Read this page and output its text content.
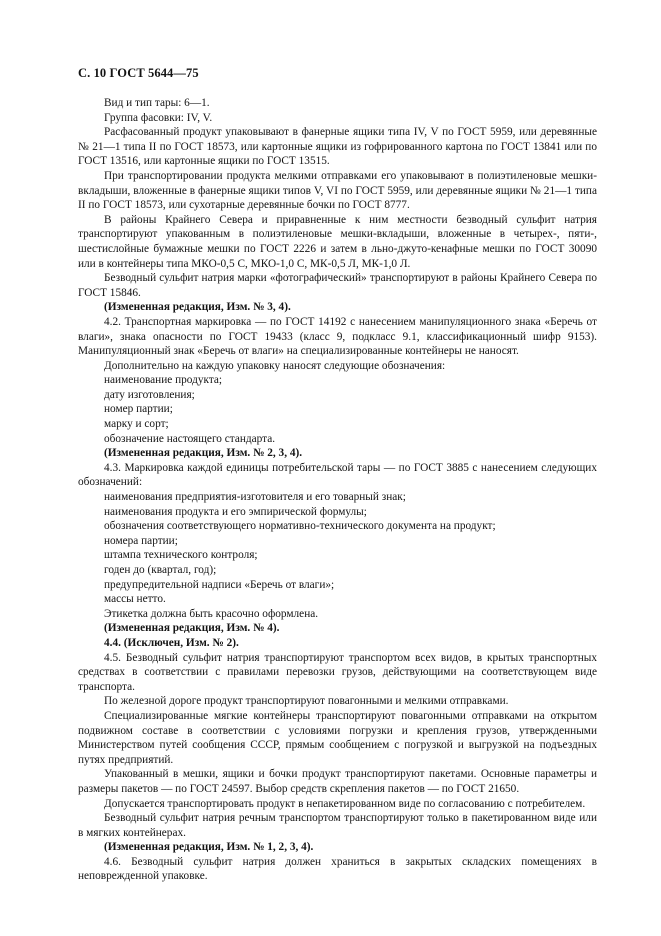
С. 10 ГОСТ 5644—75

Вид и тип тары: 6—1.

Группа фасовки: IV, V.

Расфасованный продукт упаковывают в фанерные ящики типа IV, V по ГОСТ 5959, или деревянные № 21—1 типа II по ГОСТ 18573, или картонные ящики из гофрированного картона по ГОСТ 13841 или по ГОСТ 13516, или картонные ящики по ГОСТ 13515.

При транспортировании продукта мелкими отправками его упаковывают в полиэтиленовые мешки-вкладыши, вложенные в фанерные ящики типов V, VI по ГОСТ 5959, или деревянные ящики № 21—1 типа II по ГОСТ 18573, или сухотарные деревянные бочки по ГОСТ 8777.

В районы Крайнего Севера и приравненные к ним местности безводный сульфит натрия транспортируют упакованным в полиэтиленовые мешки-вкладыши, вложенные в четырех-, пяти-, шестислойные бумажные мешки по ГОСТ 2226 и затем в льно-джуто-кенафные мешки по ГОСТ 30090 или в контейнеры типа МКО-0,5 С, МКО-1,0 С, МК-0,5 Л, МК-1,0 Л.

Безводный сульфит натрия марки «фотографический» транспортируют в районы Крайнего Севера по ГОСТ 15846.

(Измененная редакция, Изм. № 3, 4).

4.2. Транспортная маркировка — по ГОСТ 14192 с нанесением манипуляционного знака «Беречь от влаги», знака опасности по ГОСТ 19433 (класс 9, подкласс 9.1, классификационный шифр 9153). Манипуляционный знак «Беречь от влаги» на специализированные контейнеры не наносят.

Дополнительно на каждую упаковку наносят следующие обозначения:

наименование продукта;

дату изготовления;

номер партии;

марку и сорт;

обозначение настоящего стандарта.

(Измененная редакция, Изм. № 2, 3, 4).

4.3. Маркировка каждой единицы потребительской тары — по ГОСТ 3885 с нанесением следующих обозначений:

наименования предприятия-изготовителя и его товарный знак;

наименования продукта и его эмпирической формулы;

обозначения соответствующего нормативно-технического документа на продукт;

номера партии;

штампа технического контроля;

годен до (квартал, год);

предупредительной надписи «Беречь от влаги»;

массы нетто.

Этикетка должна быть красочно оформлена.

(Измененная редакция, Изм. № 4).

4.4. (Исключен, Изм. № 2).

4.5. Безводный сульфит натрия транспортируют транспортом всех видов, в крытых транспортных средствах в соответствии с правилами перевозки грузов, действующими на соответствующем виде транспорта.

По железной дороге продукт транспортируют повагонными и мелкими отправками.

Специализированные мягкие контейнеры транспортируют повагонными отправками на открытом подвижном составе в соответствии с условиями погрузки и крепления грузов, утвержденными Министерством путей сообщения СССР, прямым сообщением с погрузкой и выгрузкой на подъездных путях предприятий.

Упакованный в мешки, ящики и бочки продукт транспортируют пакетами. Основные параметры и размеры пакетов — по ГОСТ 24597. Выбор средств скрепления пакетов — по ГОСТ 21650.

Допускается транспортировать продукт в непакетированном виде по согласованию с потребителем.

Безводный сульфит натрия речным транспортом транспортируют только в пакетированном виде или в мягких контейнерах.

(Измененная редакция, Изм. № 1, 2, 3, 4).

4.6. Безводный сульфит натрия должен храниться в закрытых складских помещениях в неповрежденной упаковке.
